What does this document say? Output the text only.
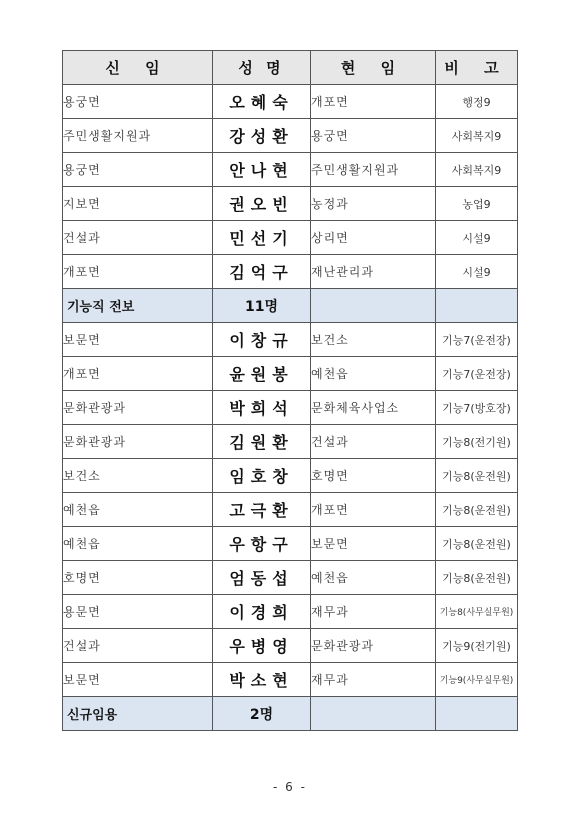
신 임	성 명	현 임	비 고
용궁면	오혜숙	개포면	행정9
주민생활지원과	강성환	용궁면	사회복지9
용궁면	안나현	주민생활지원과	사회복지9
지보면	권오빈	농정과	농업9
건설과	민선기	상리면	시설9
개포면	김억구	재난관리과	시설9
기능직 전보	11명		
보문면	이창규	보건소	기능7(운전장)
개포면	윤원봉	예천읍	기능7(운전장)
문화관광과	박희석	문화체육사업소	기능7(방호장)
문화관광과	김원환	건설과	기능8(전기원)
보건소	임호창	호명면	기능8(운전원)
예천읍	고극환	개포면	기능8(운전원)
예천읍	우항구	보문면	기능8(운전원)
호명면	엄동섭	예천읍	기능8(운전원)
용문면	이경희	재무과	기능8(사무실무원)
건설과	우병영	문화관광과	기능9(전기원)
보문면	박소현	재무과	기능9(사무실무원)
신규임용	2명		
- 6 -
